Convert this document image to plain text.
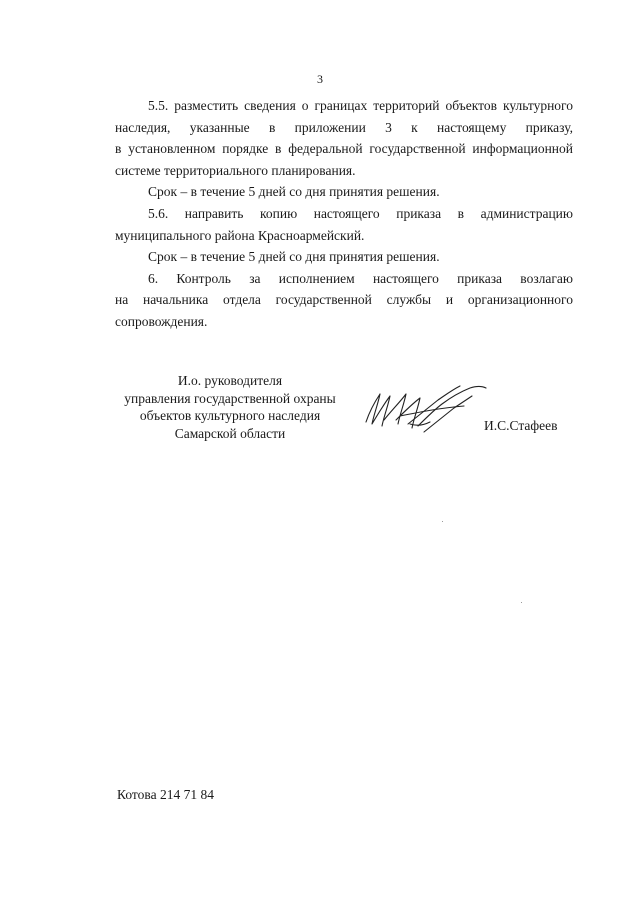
3

5.5. разместить сведения о границах территорий объектов культурного

наследия, указанные в приложении 3 к настоящему приказу,

в установленном порядке в федеральной государственной информационной

системе территориального планирования.

Срок – в течение 5 дней со дня принятия решения.

5.6. направить копию настоящего приказа в администрацию

муниципального района Красноармейский.

Срок – в течение 5 дней со дня принятия решения.

6. Контроль за исполнением настоящего приказа возлагаю

на начальника отдела государственной службы и организационного

сопровождения.

И.о. руководителя
управления государственной охраны
объектов культурного наследия
Самарской области	И.С.Стафеев
Котова 214 71 84
